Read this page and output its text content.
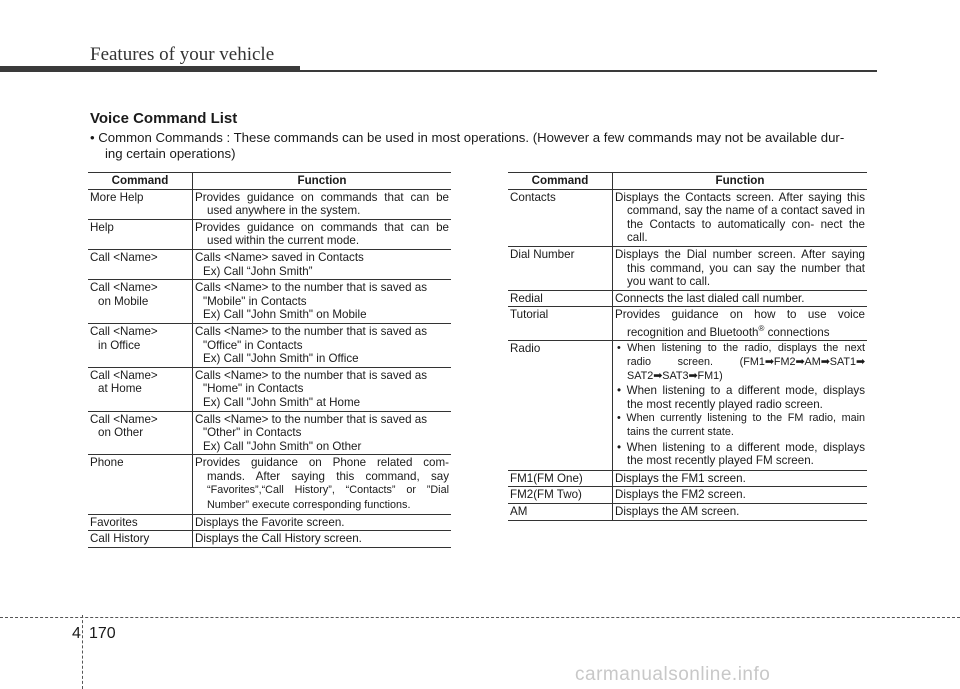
Features of your vehicle
Voice Command List
• Common Commands : These commands can be used in most operations. (However a few commands may not be available dur-
ing certain operations)
Command	Function
More Help	Provides guidance on commands that can be used anywhere in the system.

Help	Provides guidance on commands that can be used within the current mode.

Call <Name>	Calls <Name> saved in Contacts

Ex) Call “John Smith”

Call <Name>

on Mobile	Calls <Name> to the number that is saved as

"Mobile" in Contacts
Ex) Call "John Smith" on Mobile

Call <Name>

in Office	Calls <Name> to the number that is saved as

"Office" in Contacts
Ex) Call "John Smith" in Office

Call <Name>

at Home	Calls <Name> to the number that is saved as

"Home" in Contacts
Ex) Call "John Smith" at Home

Call <Name>

on Other	Calls <Name> to the number that is saved as

"Other" in Contacts
Ex) Call "John Smith" on Other

Phone	Provides guidance on Phone related com- mands. After saying this command, say “Favorites”,“Call History”, “Contacts” or ”Dial Number” execute corresponding functions.

Favorites	Displays the Favorite screen.
Call History	Displays the Call History screen.
Command	Function
Contacts	Displays the Contacts screen. After saying this command, say the name of a contact saved in the Contacts to automatically con- nect the call.

Dial Number	Displays the Dial number screen. After saying this command, you can say the number that you want to call.

Redial	Connects the last dialed call number.
Tutorial	Provides guidance on how to use voice recognition and Bluetooth® connections

Radio	• When listening to the radio, displays the next radio screen. (FM1➡FM2➡AM➡SAT1➡ SAT2➡SAT3➡FM1)
• When listening to a different mode, displays the most recently played radio screen.
• When currently listening to the FM radio, main tains the current state.
• When listening to a different mode, displays the most recently played FM screen.

FM1(FM One)	Displays the FM1 screen.
FM2(FM Two)	Displays the FM2 screen.
AM	Displays the AM screen.
4 170
carmanualsonline.info
